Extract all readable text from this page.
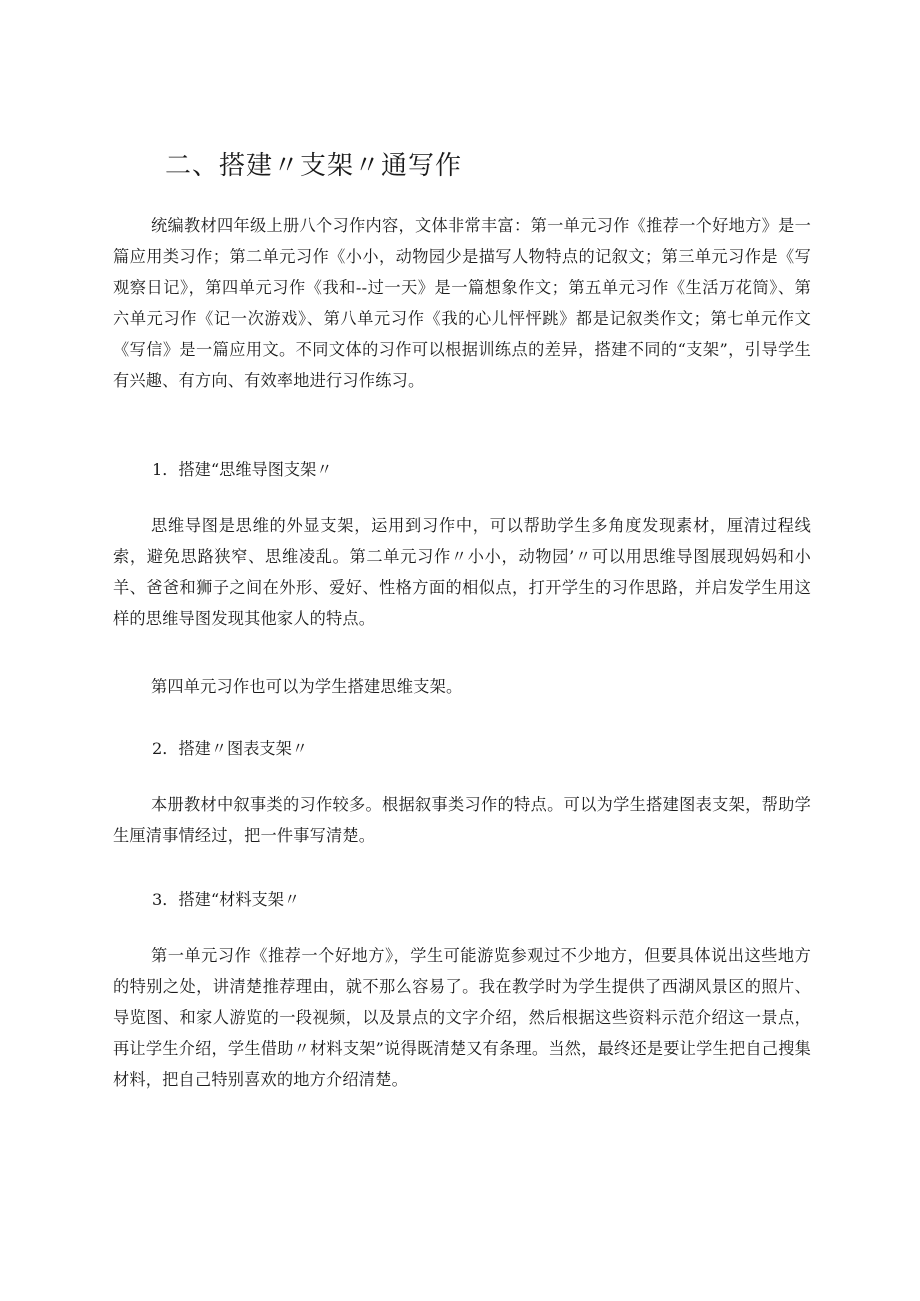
二、搭建〃支架〃通写作

统编教材四年级上册八个习作内容，文体非常丰富：第一单元习作《推荐一个好地方》是一篇应用类习作；第二单元习作《小小，动物园少是描写人物特点的记叙文；第三单元习作是《写观察日记》，第四单元习作《我和--过一天》是一篇想象作文；第五单元习作《生活万花筒》、第六单元习作《记一次游戏》、第八单元习作《我的心儿怦怦跳》都是记叙类作文；第七单元作文《写信》是一篇应用文。不同文体的习作可以根据训练点的差异，搭建不同的“支架”，引导学生有兴趣、有方向、有效率地进行习作练习。

1．搭建“思维导图支架〃

思维导图是思维的外显支架，运用到习作中，可以帮助学生多角度发现素材，厘清过程线索，避免思路狭窄、思维凌乱。第二单元习作〃小小，动物园’〃可以用思维导图展现妈妈和小羊、爸爸和狮子之间在外形、爱好、性格方面的相似点，打开学生的习作思路，并启发学生用这样的思维导图发现其他家人的特点。

第四单元习作也可以为学生搭建思维支架。

2．搭建〃图表支架〃

本册教材中叙事类的习作较多。根据叙事类习作的特点。可以为学生搭建图表支架，帮助学生厘清事情经过，把一件事写清楚。

3．搭建“材料支架〃

第一单元习作《推荐一个好地方》，学生可能游览参观过不少地方，但要具体说出这些地方的特别之处，讲清楚推荐理由，就不那么容易了。我在教学时为学生提供了西湖风景区的照片、导览图、和家人游览的一段视频，以及景点的文字介绍，然后根据这些资料示范介绍这一景点，再让学生介绍，学生借助〃材料支架”说得既清楚又有条理。当然，最终还是要让学生把自己搜集材料，把自己特别喜欢的地方介绍清楚。
